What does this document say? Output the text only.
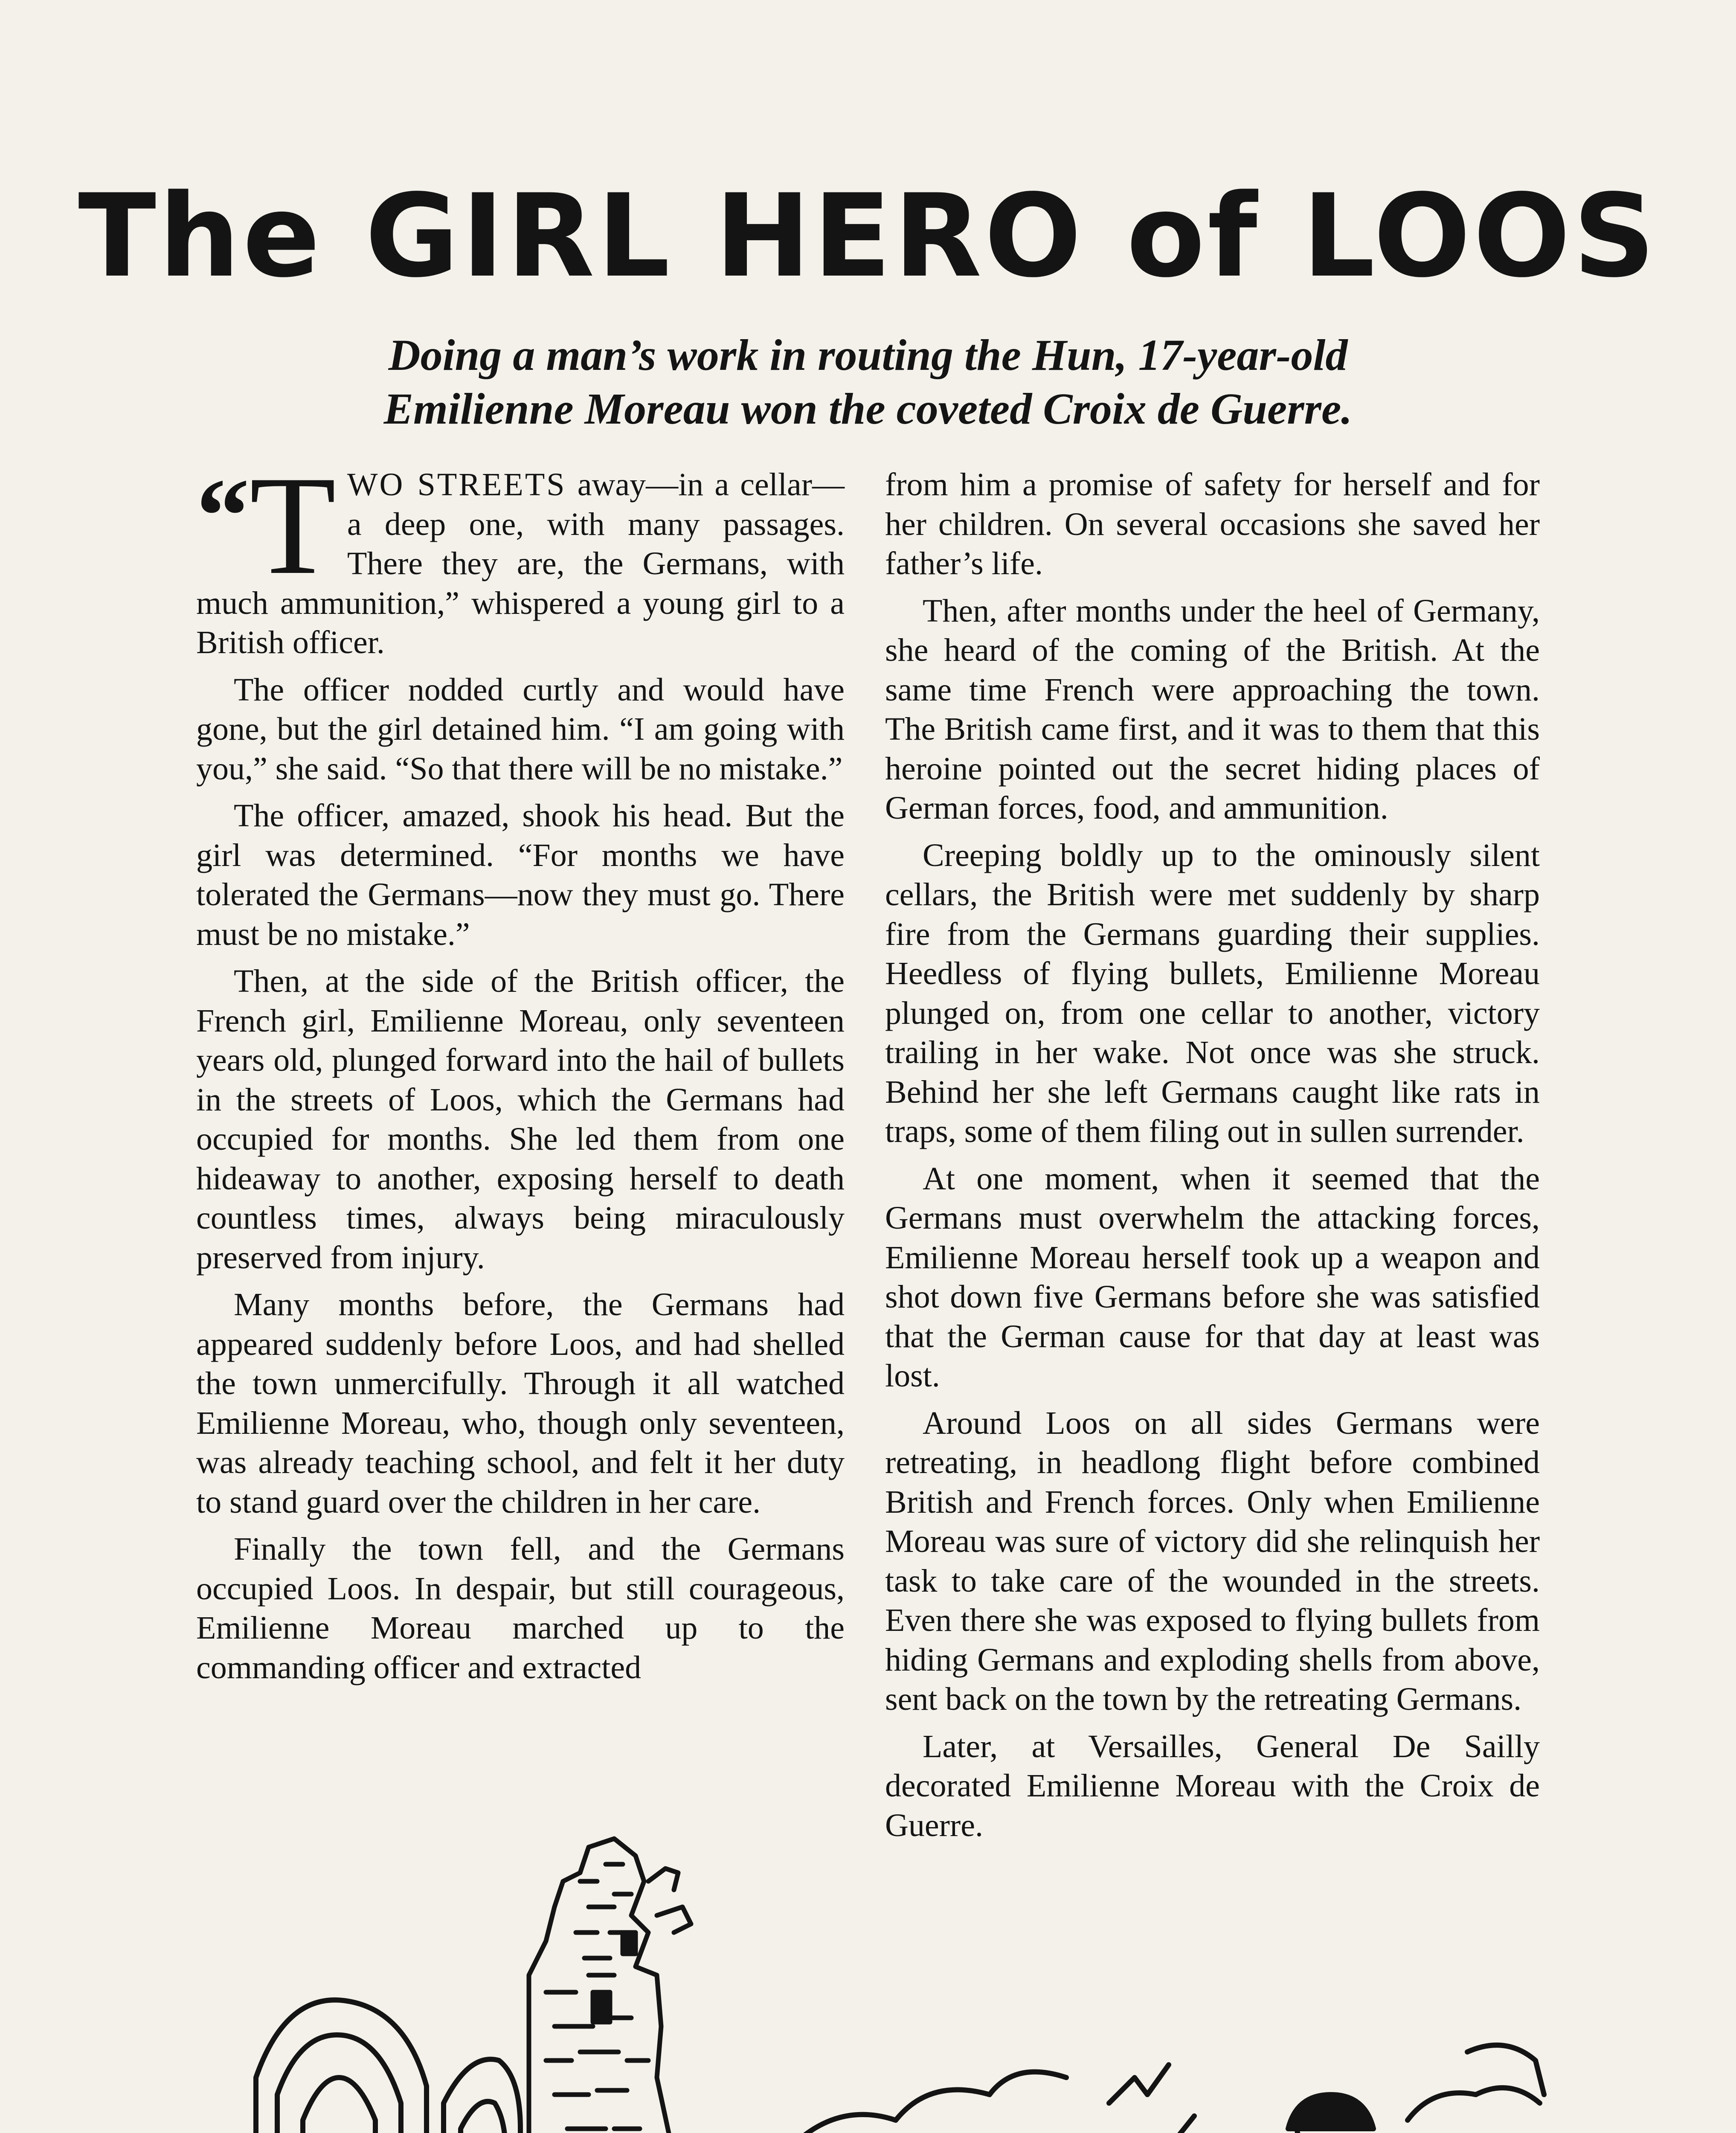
The GIRL HERO of LOOS
Doing a man’s work in routing the Hun, 17-year-old
Emilienne Moreau won the coveted Croix de Guerre.

“ T WO STREETS away—in a cellar—a deep one, with many passages. There they are, the Germans, with much ammunition,” whispered a young girl to a British officer.

The officer nodded curtly and would have gone, but the girl detained him. “I am going with you,” she said. “So that there will be no mistake.”

The officer, amazed, shook his head. But the girl was determined. “For months we have tolerated the Germans—now they must go. There must be no mistake.”

Then, at the side of the British officer, the French girl, Emilienne Moreau, only seventeen years old, plunged forward into the hail of bullets in the streets of Loos, which the Germans had occupied for months. She led them from one hideaway to another, exposing herself to death countless times, always being miraculously preserved from injury.

Many months before, the Germans had appeared suddenly before Loos, and had shelled the town unmercifully. Through it all watched Emilienne Moreau, who, though only seventeen, was already teaching school, and felt it her duty to stand guard over the children in her care.

Finally the town fell, and the Germans occupied Loos. In despair, but still courageous, Emilienne Moreau marched up to the commanding officer and extracted

from him a promise of safety for herself and for her children. On several occasions she saved her father’s life.

Then, after months under the heel of Germany, she heard of the coming of the British. At the same time French were approaching the town. The British came first, and it was to them that this heroine pointed out the secret hiding places of German forces, food, and ammunition.

Creeping boldly up to the ominously silent cellars, the British were met suddenly by sharp fire from the Germans guarding their supplies. Heedless of flying bullets, Emilienne Moreau plunged on, from one cellar to another, victory trailing in her wake. Not once was she struck. Behind her she left Germans caught like rats in traps, some of them filing out in sullen surrender.

At one moment, when it seemed that the Germans must overwhelm the attacking forces, Emilienne Moreau herself took up a weapon and shot down five Germans before she was satisfied that the German cause for that day at least was lost.

Around Loos on all sides Germans were retreating, in headlong flight before combined British and French forces. Only when Emilienne Moreau was sure of victory did she relinquish her task to take care of the wounded in the streets. Even there she was exposed to flying bullets from hiding Germans and exploding shells from above, sent back on the town by the retreating Germans.

Later, at Versailles, General De Sailly decorated Emilienne Moreau with the Croix de Guerre.
